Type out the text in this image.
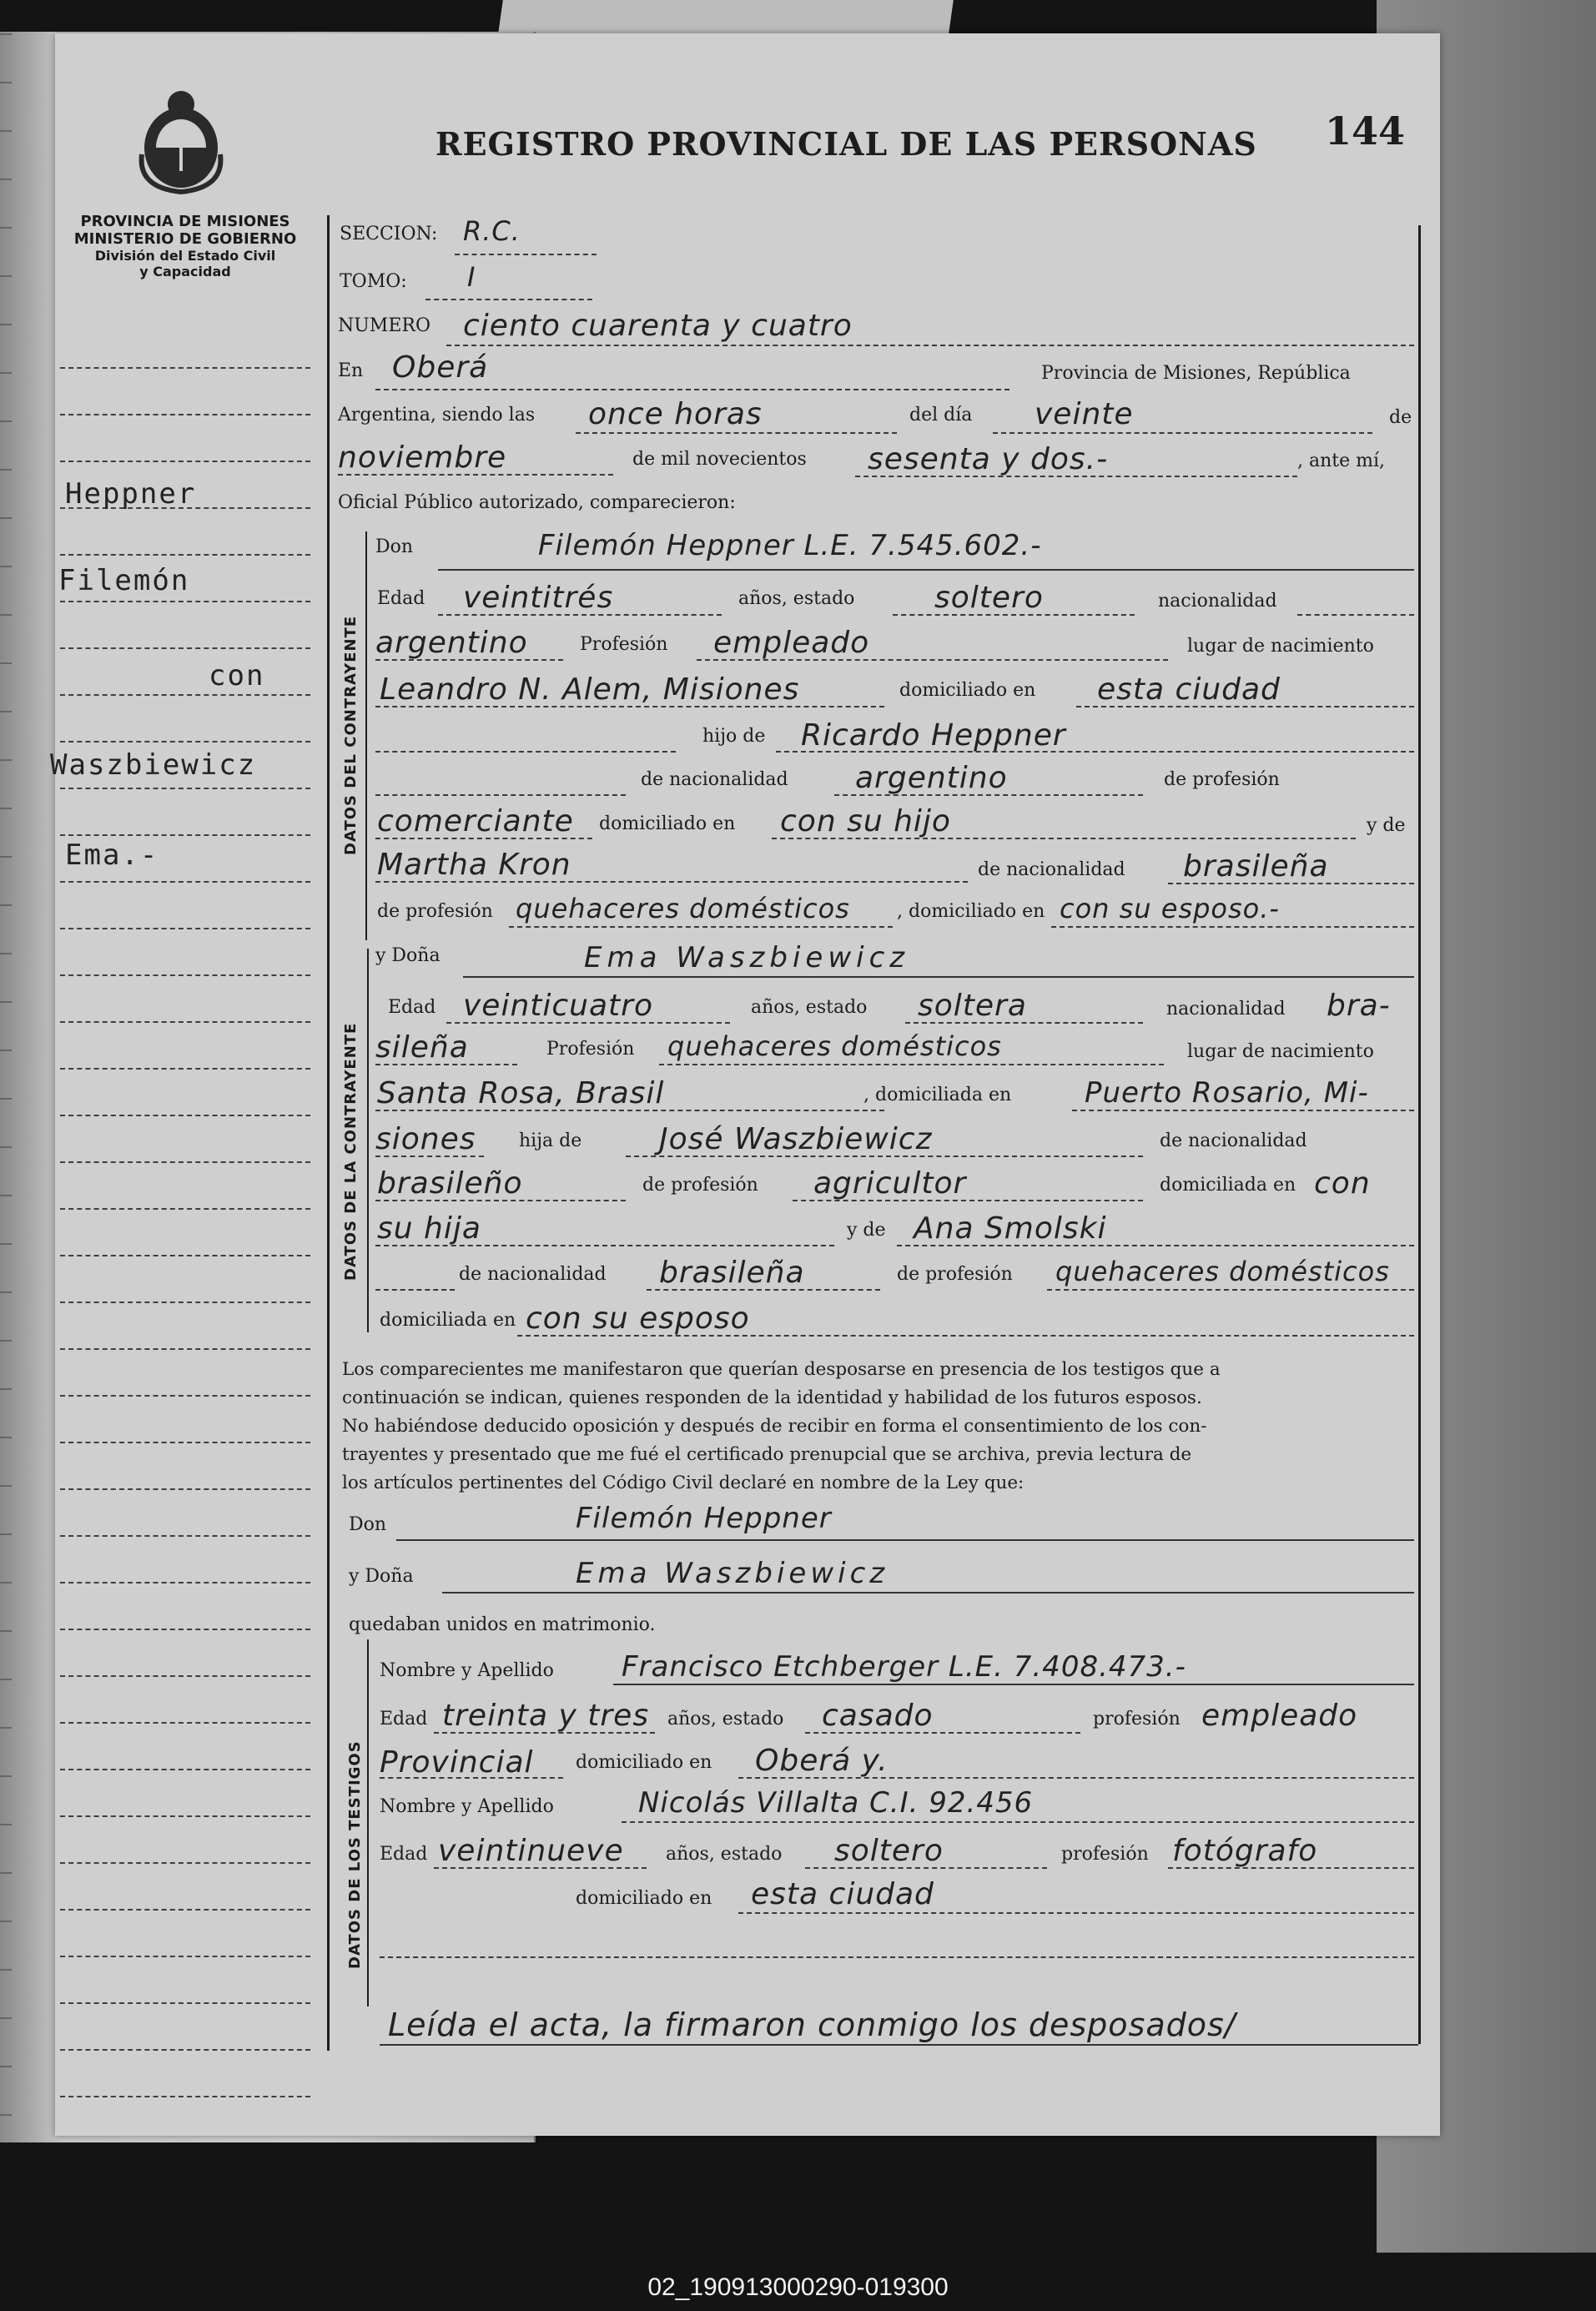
144
REGISTRO PROVINCIAL DE LAS PERSONAS
PROVINCIA DE MISIONES
MINISTERIO DE GOBIERNO
División del Estado Civil
y Capacidad
Heppner
Filemón
con
Waszbiewicz
Ema.-	DATOS DEL CONTRAYENTE
DATOS DE LA CONTRAYENTE
DATOS DE LOS TESTIGOS
SECCION: R.C.
TOMO: I
NUMERO ciento cuarenta y cuatro
En Oberá	Provincia de Misiones, República
Argentina, siendo las once horas	del día veinte	de
noviembre	de mil novecientos sesenta y dos.-	, ante mí,
Oficial Público autorizado, comparecieron:
Don	Filemón Heppner L.E. 7.545.602.-
Edad veintitrés	años, estado	soltero	nacionalidad
argentino	Profesión empleado	lugar de nacimiento
Leandro N. Alem, Misiones	domiciliado en esta ciudad
hijo de Ricardo Heppner
de nacionalidad argentino	de profesión
comerciante domiciliado en con su hijo	y de
Martha Kron	de nacionalidad brasileña
de profesión quehaceres domésticos	, domiciliado en con su esposo.-
y Doña	Ema Waszbiewicz
Edad veinticuatro	años, estado soltera	nacionalidad bra-
sileña	Profesión quehaceres domésticos	lugar de nacimiento
Santa Rosa, Brasil	, domiciliada en	Puerto Rosario, Mi-
siones hija de	José Waszbiewicz	de nacionalidad
brasileño	de profesión agricultor	domiciliada en con
su hija	y de Ana Smolski
de nacionalidad brasileña	de profesión quehaceres domésticos
domiciliada en con su esposo
Los comparecientes me manifestaron que querían desposarse en presencia de los testigos que a
continuación se indican, quienes responden de la identidad y habilidad de los futuros esposos.
No habiéndose deducido oposición y después de recibir en forma el consentimiento de los con-
trayentes y presentado que me fué el certificado prenupcial que se archiva, previa lectura de
los artículos pertinentes del Código Civil declaré en nombre de la Ley que:
Don	Filemón Heppner
y Doña	Ema Waszbiewicz
quedaban unidos en matrimonio.
Nombre y Apellido Francisco Etchberger L.E. 7.408.473.-
Edad treinta y tres años, estado casado	profesión empleado
Provincial domiciliado en Oberá y.
Nombre y Apellido	Nicolás Villalta C.I. 92.456
Edad veintinueve años, estado soltero	profesión fotógrafo
domiciliado en esta ciudad
Leída el acta, la firmaron conmigo los desposados/
02_190913000290-019300
